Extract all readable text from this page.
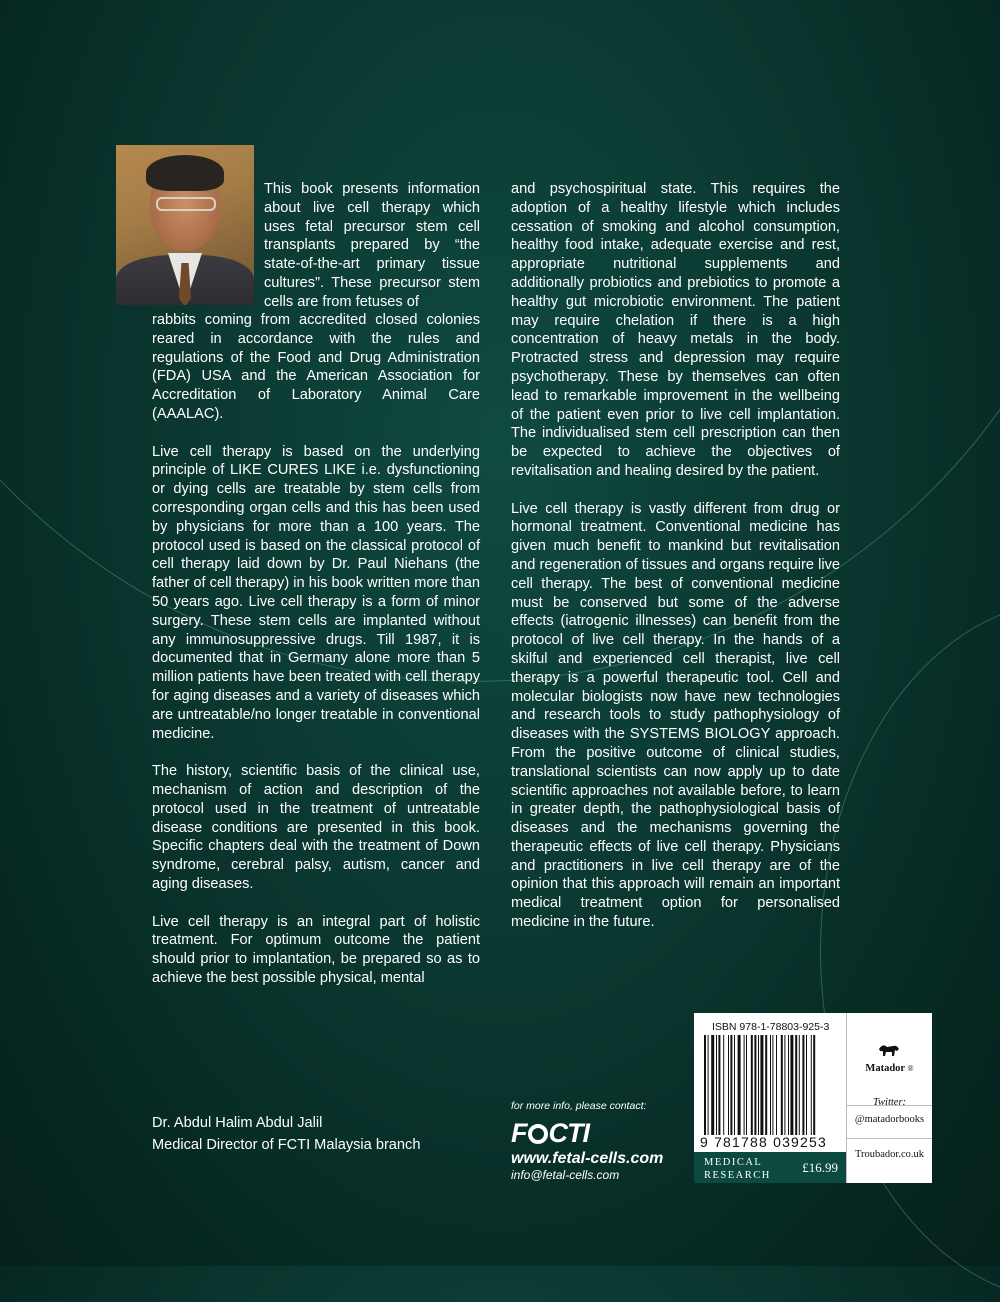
This book presents information about live cell therapy which uses fetal precursor stem cell transplants prepared by “the state-of-the-art primary tissue cultures”. These precursor stem cells are from fetuses of

rabbits coming from accredited closed colonies reared in accordance with the rules and regulations of the Food and Drug Administration (FDA) USA and the American Association for Accreditation of Laboratory Animal Care (AAALAC).

Live cell therapy is based on the underlying principle of LIKE CURES LIKE i.e. dysfunctioning or dying cells are treatable by stem cells from corresponding organ cells and this has been used by physicians for more than a 100 years. The protocol used is based on the classical protocol of cell therapy laid down by Dr. Paul Niehans (the father of cell therapy) in his book written more than 50 years ago. Live cell therapy is a form of minor surgery. These stem cells are implanted without any immunosuppressive drugs. Till 1987, it is documented that in Germany alone more than 5 million patients have been treated with cell therapy for aging diseases and a variety of diseases which are untreatable/no longer treatable in conventional medicine.

The history, scientific basis of the clinical use, mechanism of action and description of the protocol used in the treatment of untreatable disease conditions are presented in this book. Specific chapters deal with the treatment of Down syndrome, cerebral palsy, autism, cancer and aging diseases.

Live cell therapy is an integral part of holistic treatment. For optimum outcome the patient should prior to implantation, be prepared so as to achieve the best possible physical, mental

and psychospiritual state. This requires the adoption of a healthy lifestyle which includes cessation of smoking and alcohol consumption, healthy food intake, adequate exercise and rest, appropriate nutritional supplements and additionally probiotics and prebiotics to promote a healthy gut microbiotic environment. The patient may require chelation if there is a high concentration of heavy metals in the body. Protracted stress and depression may require psychotherapy. These by themselves can often lead to remarkable improvement in the wellbeing of the patient even prior to live cell implantation. The individualised stem cell prescription can then be expected to achieve the objectives of revitalisation and healing desired by the patient.

Live cell therapy is vastly different from drug or hormonal treatment. Conventional medicine has given much benefit to mankind but revitalisation and regeneration of tissues and organs require live cell therapy. The best of conventional medicine must be conserved but some of the adverse effects (iatrogenic illnesses) can benefit from the protocol of live cell therapy. In the hands of a skilful and experienced cell therapist, live cell therapy is a powerful therapeutic tool. Cell and molecular biologists now have new technologies and research tools to study pathophysiology of diseases with the SYSTEMS BIOLOGY approach. From the positive outcome of clinical studies, translational scientists can now apply up to date scientific approaches not available before, to learn in greater depth, the pathophysiological basis of diseases and the mechanisms governing the therapeutic effects of live cell therapy. Physicians and practitioners in live cell therapy are of the opinion that this approach will remain an important medical treatment option for personalised medicine in the future.

Dr. Abdul Halim Abdul Jalil
Medical Director of FCTI Malaysia branch
for more info, please contact:
F CTI
www.fetal-cells.com
info@fetal-cells.com
ISBN 978-1-78803-925-3
9 781788 039253
MEDICAL
RESEARCH
£16.99
Matador ®
Twitter:
@matadorbooks
Troubador.co.uk
